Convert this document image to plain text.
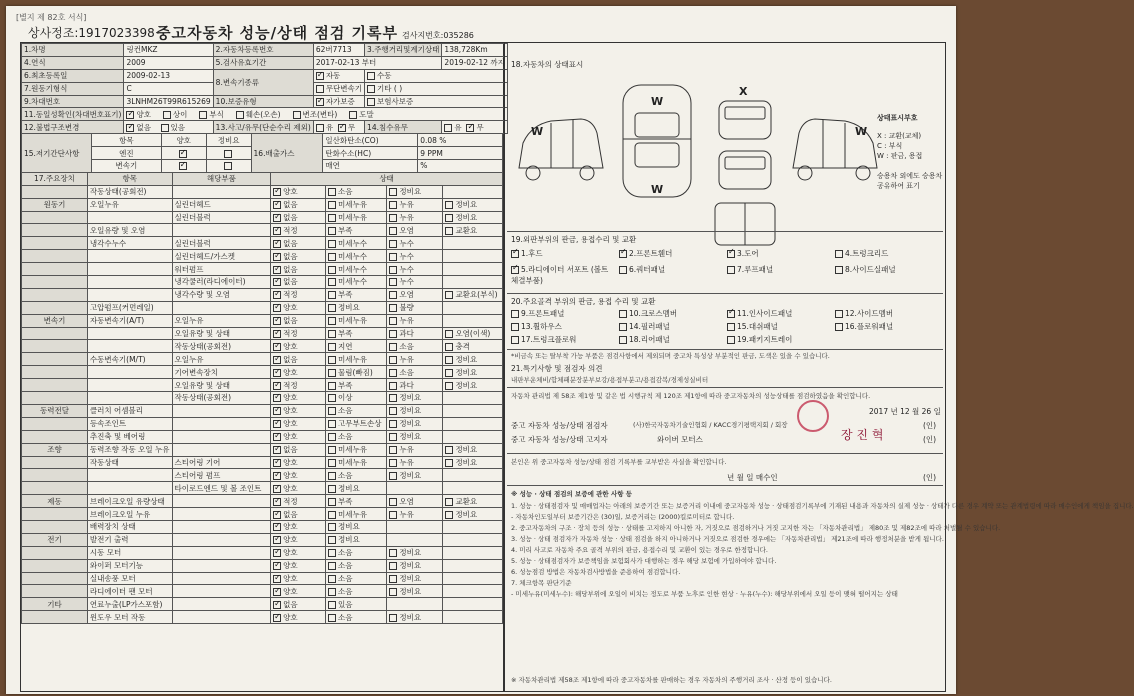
[별지 제 82호 서식]
상사정조:1917023398 중고자동차 성능/상태 점검 기록부 검사지번호:035286
1.차명	링컨MKZ	2.자동차등록번호	62버7713	3.주행거리및계기상태	138,728Km
4.연식	2009	5.검사유효기간	2017-02-13 부터		2019-02-12 까지
6.최초등록일	2009-02-13	8.변속기종류	✓자동	수동	
7.원동기형식	C		무단변속기	기타 ( )	
9.차대번호	3LNHM26T99R615269	10.보증유형	✓자가보증	보험사보증	
11.동일성확인(차대번호표기)	✓양호 상이 부식 훼손(오손) 변조(변타) 도말
12.불법구조변경	✓없음 있음	13.사고/유무(단순수리 제외)	유 ✓ 무	14.침수유무	유 ✓ 무
15.저기간단사항	항목	양호	정비요	16.배출가스	일산화탄소(CO)	0.08 %
	엔진	✓			탄화수소(HC)	9 PPM
	변속기	✓			매연	%
17.주요장치	항목	해당부품	상태			
	작동상태(공회전)		✓양호	소음	정비요	
원동기	오일누유	실린더헤드	✓없음	미세누유	누유	정비요
		실린더블럭	✓없음	미세누유	누유	정비요
	오일유량 및 오염		✓적정	부족	오염	교환요
	냉각수누수	실린더블럭	✓없음	미세누수	누수	
		실린더헤드/가스켓	✓없음	미세누수	누수	
		워터펌프	✓없음	미세누수	누수	
		냉각쿨러(라디에이터)	✓없음	미세누수	누수	
		냉각수량 및 오염	✓적정	부족	오염	교환요(부식)
	고압펌프(커먼레일)		✓양호	정비요	불량	
변속기	자동변속기(A/T)	오일누유	✓없음	미세누유	누유	
		오일유량 및 상태	✓적정	부족	과다	오염(이색)
		작동상태(공회전)	✓양호	지연	소음	충격
	수동변속기(M/T)	오일누유	✓없음	미세누유	누유	정비요
		기어변속장치	✓양호	물림(빠짐)	소음	정비요
		오일유량 및 상태	✓적정	부족	과다	정비요
		작동상태(공회전)	✓양호	이상	정비요	
동력전달	클러치 어셈블리		✓양호	소음	정비요	
	등속조인트		✓양호	고무부트손상	정비요	
	추진축 및 베어링		✓양호	소음	정비요	
조향	동력조향 작동 오일 누유		✓없음	미세누유	누유	정비요
	작동상태	스티어링 기어	✓양호	미세누유	누유	정비요
		스티어링 펌프	✓양호	소음	정비요	
		타이로드엔드 및 볼 조인트	✓양호	정비요		
제동	브레이크오일 유량상태		✓적정	부족	오염	교환요
	브레이크오일 누유		✓없음	미세누유	누유	정비요
	배력장치 상태		✓양호	정비요		
전기	발전기 출력		✓양호	정비요		
	시동 모터		✓양호	소음	정비요	
	와이퍼 모터기능		✓양호	소음	정비요	
	실내송풍 모터		✓양호	소음	정비요	
	라디에이터 팬 모터		✓양호	소음	정비요	
기타	연료누출(LP가스포함)		✓없음	있음		
	윈도우 모터 작동		✓양호	소음	정비요	
18.자동차의 상태표시
W
W
X
W
W
상태표시부호
X : 교환(교체)
C : 부식
W : 판금, 용접
승용차 외에도 승용차 공유하여 표기
19.외판부위의 판금, 용접수리 및 교환
✓1.후드 ✓	2.프론트휀더 ✓	3.도어	4.트렁크리드
✓5.라디에이터 서포트 (볼트체결부품)
6.쿼터패널	7.루프패널	8.사이드실패널
20.주요골격 부위의 판금, 용접 수리 및 교환
9.프론트패널	10.크로스멤버 ✓	11.인사이드패널	12.사이드멤버
13.휠하우스	14.필러패널	15.대쉬패널	16.플로워패널
17.트렁크플로워	18.리어패널	19.패키지트레이
*비금속 또는 탈부착 가능 부품은 점검사항에서 제외되며 중고차 특성상 부분적인 판금, 도색은 있을 수 있습니다.
21.특기사항 및 점검자 의견
내판부운체비/합체패분장분부보강/용접부분고/용접감복/경제성실비터
자동차 관리법 제 58조 제1항 및 같은 법 시행규칙 제 120조 제1항에 따라 중고자동차의 성능상태를 점검하였음을 확인합니다.
2017 년 12 월 26 일
중고 자동차 성능/상태 점검자	(사)한국자동차기술인협회 / KACC경기평택지회 / 회장
중고 자동차 성능/상태 고지자	와이버 모터스	장 진 혁
(인)
(인)
본인은 위 중고자동차 성능/상태 점검 기록부를 교부받은 사실을 확인합니다.
년 월 일 매수인	(인)
※ 성능 · 상태 점검의 보증에 관한 사항 등
1. 성능 · 상태점검자 및 매매업자는 아래의 보증기간 또는 보증거리 이내에 중고자동차 성능 · 상태점검기록부에 기재된 내용과 자동차의 실제 성능 · 상태가 다른 경우 계약 또는 관계법령에 따라 매수인에게 책임을 집니다.
- 자동차인도일부터 보증기간은 (30)일, 보증거리는 (2000)킬로미터로 합니다.
2. 중고자동차의 구조 · 장치 등의 성능 · 상태를 고지하지 아니한 자, 거짓으로 점검하거나 거짓 고지한 자는 「자동차관리법」 제80조 및 제82조에 따라 처벌될 수 있습니다.
3. 성능 · 상태 점검자가 자동차 성능 · 상태 점검을 하지 아니하거나 거짓으로 점검한 경우에는 「자동차관리법」 제21조에 따라 행정처분을 받게 됩니다.
4. 미리 사고로 자동차 주요 골격 부위의 판금, 용접수리 및 교환이 있는 경우로 한정합니다.
5. 성능 · 상태점검자가 보증책임을 보험회사가 대행하는 경우 해당 보험에 가입하여야 합니다.
6. 성능점검 방법은 자동차검사방법을 준용하여 점검합니다.
7. 체크항목 판단기준
- 미세누유(미세누수): 해당부위에 오일이 비치는 정도로 부품 노후로 인한 현상 · 누유(누수): 해당부위에서 오일 등이 맺혀 떨어지는 상태
※ 자동차관리법 제58조 제1항에 따라 중고자동차를 판매하는 경우 자동차의 주행거리 조사 · 산정 등이 있습니다.
